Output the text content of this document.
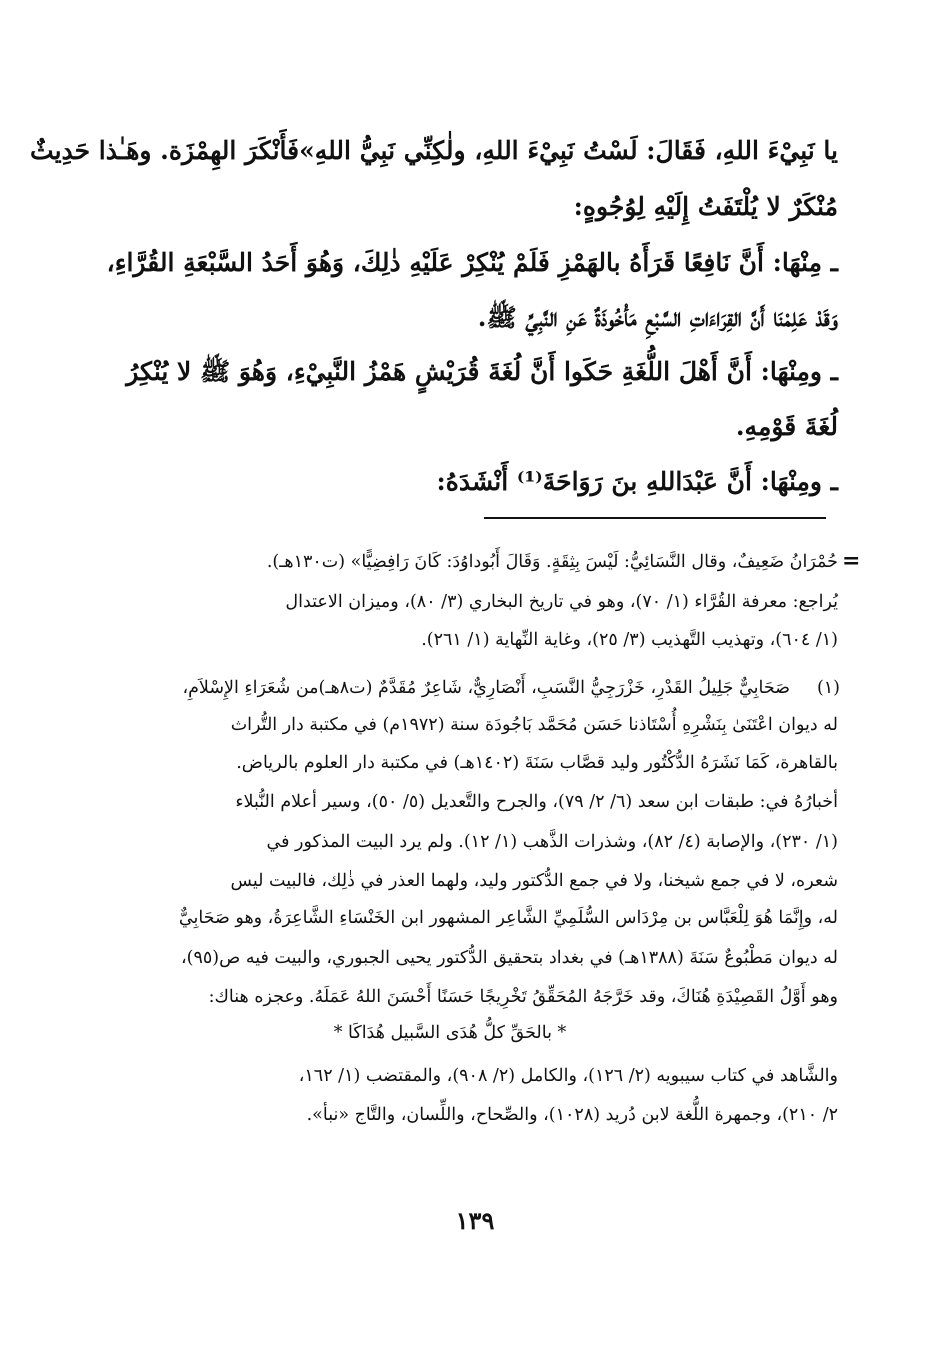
يا نَبِيْءَ اللهِ، فَقَالَ: لَسْتُ نَبِيْءَ اللهِ، ولٰكِنِّي نَبِيُّ اللهِ»فَأَنْكَرَ الهِمْزَة. وهَـٰذا حَدِيثٌ
مُنْكَرٌ لا يُلْتَفَتُ إِلَيْهِ لِوُجُوهٍ:
ـ مِنْهَا: أَنَّ نَافِعًا قَرَأَهُ بالهَمْزِ فَلَمْ يُنْكِرْ عَلَيْهِ ذٰلِكَ، وَهُوَ أَحَدُ السَّبْعَةِ القُرَّاءِ،
وَقَدْ عَلِمْنَا أَنَّ القِرَاءَاتِ السَّبْعِ مَأْخُوذَةٌ عَنِ النَّبِيِّ ﷺ.
ـ ومِنْهَا: أَنَّ أَهْلَ اللُّغَةِ حَكَوا أَنَّ لُغَةَ قُرَيْشٍ هَمْزُ النَّبِيْءِ، وَهُوَ ﷺ لا يُنْكِرُ
لُغَةَ قَوْمِهِ.
ـ ومِنْهَا: أَنَّ عَبْدَاللهِ بنَ رَوَاحَةَ⁽¹⁾ أَنْشَدَهُ:
=
حُمْرَانُ ضَعِيفٌ، وقال النَّسَائِيُّ: لَيْسَ بِثِقَةٍ. وَقَالَ أَبُوداوُدَ: كَانَ رَافِضِيًّا» (ت١٣٠هـ).
يُراجع: معرفة القُرَّاء (١/ ٧٠)، وهو في تاريخ البخاري (٣/ ٨٠)، وميزان الاعتدال
(١/ ٦٠٤)، وتهذيب التَّهذيب (٣/ ٢٥)، وغاية النِّهاية (١/ ٢٦١).
(١)
صَحَابِيٌّ جَلِيلُ القَدْرِ، خَزْرَجِيُّ النَّسَبِ، أَنْصَارِيٌّ، شَاعِرٌ مُقَدَّمٌ (ت٨هـ)من شُعَرَاءِ الإِسْلاَمِ،
له ديوان اعْتَنَىٰ بِنَشْرِهِ أُسْتَاذنا حَسَن مُحَمَّد بَاجُودَة سنة (١٩٧٢م) في مكتبة دار التُّراث
بالقاهرة، كَمَا نَشَرَهُ الدُّكْتُور وليد قصَّاب سَنَةَ (١٤٠٢هـ) في مكتبة دار العلوم بالرياض.
أخبارُهُ في: طبقات ابن سعد (٦/ ٢/ ٧٩)، والجرح والتَّعديل (٥/ ٥٠)، وسير أعلام النُّبلاء
(١/ ٢٣٠)، والإصابة (٤/ ٨٢)، وشذرات الذَّهب (١/ ١٢). ولم يرد البيت المذكور في
شعره، لا في جمع شيخنا، ولا في جمع الدُّكتور وليد، ولهما العذر في ذٰلِك، فالبيت ليس
له، وإِنَّمَا هُوَ لِلْعَبَّاس بن مِرْدَاس السُّلَمِيِّ الشَّاعِر المشهور ابن الخَنْسَاءِ الشَّاعِرَةُ، وهو صَحَابِيٌّ
له ديوان مَطْبُوعٌ سَنَةَ (١٣٨٨هـ) في بغداد بتحقيق الدُّكتور يحيى الجبوري، والبيت فيه ص(٩٥)،
وهو أَوَّلُ القَصِيْدَةِ هُنَاكَ، وقد خَرَّجَهُ المُحَقِّقُ تَخْرِيجًا حَسَنًا أَحْسَنَ اللهُ عَمَلَهُ. وعجزه هناك:
* بالحَقِّ كلُّ هُدَى السَّبيل هُدَاكَا *
والشَّاهد في كتاب سيبويه (٢/ ١٢٦)، والكامل (٢/ ٩٠٨)، والمقتضب (١/ ١٦٢،
٢/ ٢١٠)، وجمهرة اللُّغة لابن دُريد (١٠٢٨)، والصِّحاح، واللِّسان، والتَّاج «نبأ».
١٣٩
